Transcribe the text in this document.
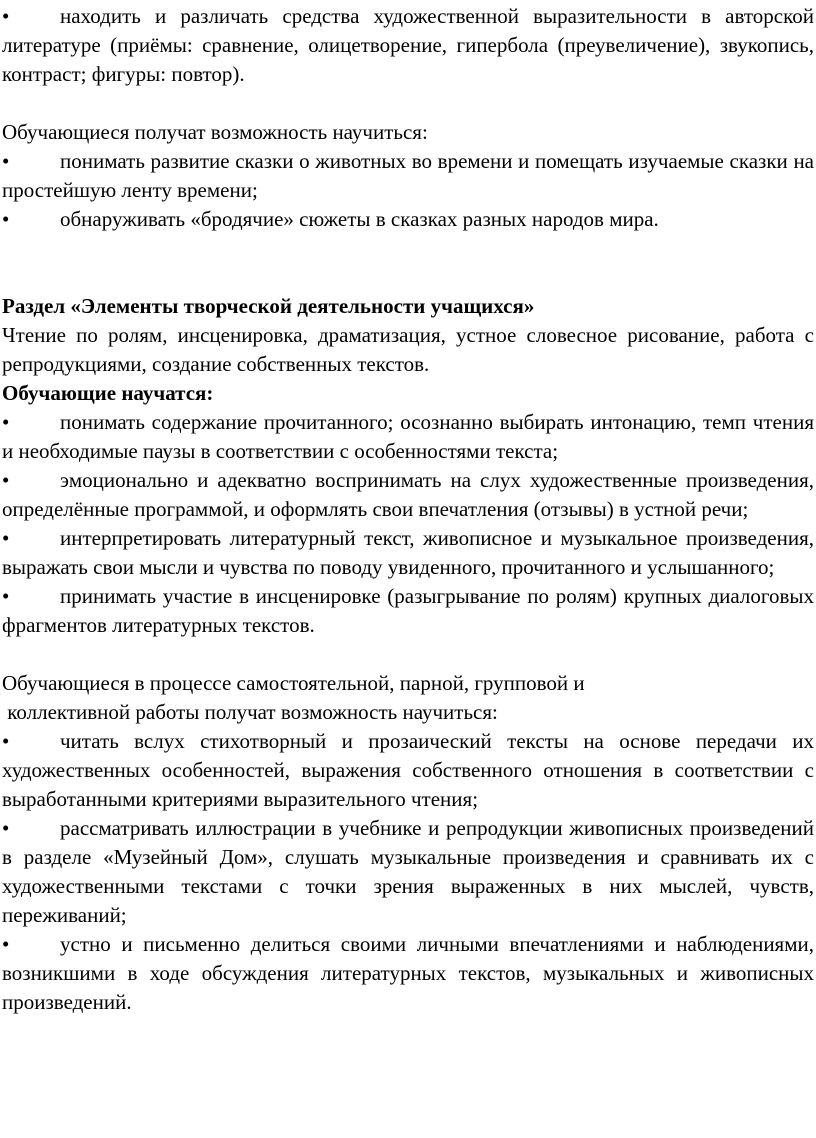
• находить и различать средства художественной выразительности в авторской литературе (приёмы: сравнение, олицетворение, гипербола (преувеличение), звукопись, контраст; фигуры: повтор).

Обучающиеся получат возможность научиться:

• понимать развитие сказки о животных во времени и помещать изучаемые сказки на простейшую ленту времени;

• обнаруживать «бродячие» сюжеты в сказках разных народов мира.

Раздел «Элементы творческой деятельности учащихся»

Чтение по ролям, инсценировка, драматизация, устное словесное рисование, работа с репродукциями, создание собственных текстов.

Обучающие научатся:

• понимать содержание прочитанного; осознанно выбирать интонацию, темп чтения и необходимые паузы в соответствии с особенностями текста;

• эмоционально и адекватно воспринимать на слух художественные произведения, определённые программой, и оформлять свои впечатления (отзывы) в устной речи;

• интерпретировать литературный текст, живописное и музыкальное произведения, выражать свои мысли и чувства по поводу увиденного, прочитанного и услышанного;

• принимать участие в инсценировке (разыгрывание по ролям) крупных диалоговых фрагментов литературных текстов.

Обучающиеся в процессе самостоятельной, парной, групповой и
коллективной работы получат возможность научиться:

• читать вслух стихотворный и прозаический тексты на основе передачи их художественных особенностей, выражения собственного отношения в соответствии с выработанными критериями выразительного чтения;

• рассматривать иллюстрации в учебнике и репродукции живописных произведений в разделе «Музейный Дом», слушать музыкальные произведения и сравнивать их с художественными текстами с точки зрения выраженных в них мыслей, чувств, переживаний;

• устно и письменно делиться своими личными впечатлениями и наблюдениями, возникшими в ходе обсуждения литературных текстов, музыкальных и живописных произведений.
